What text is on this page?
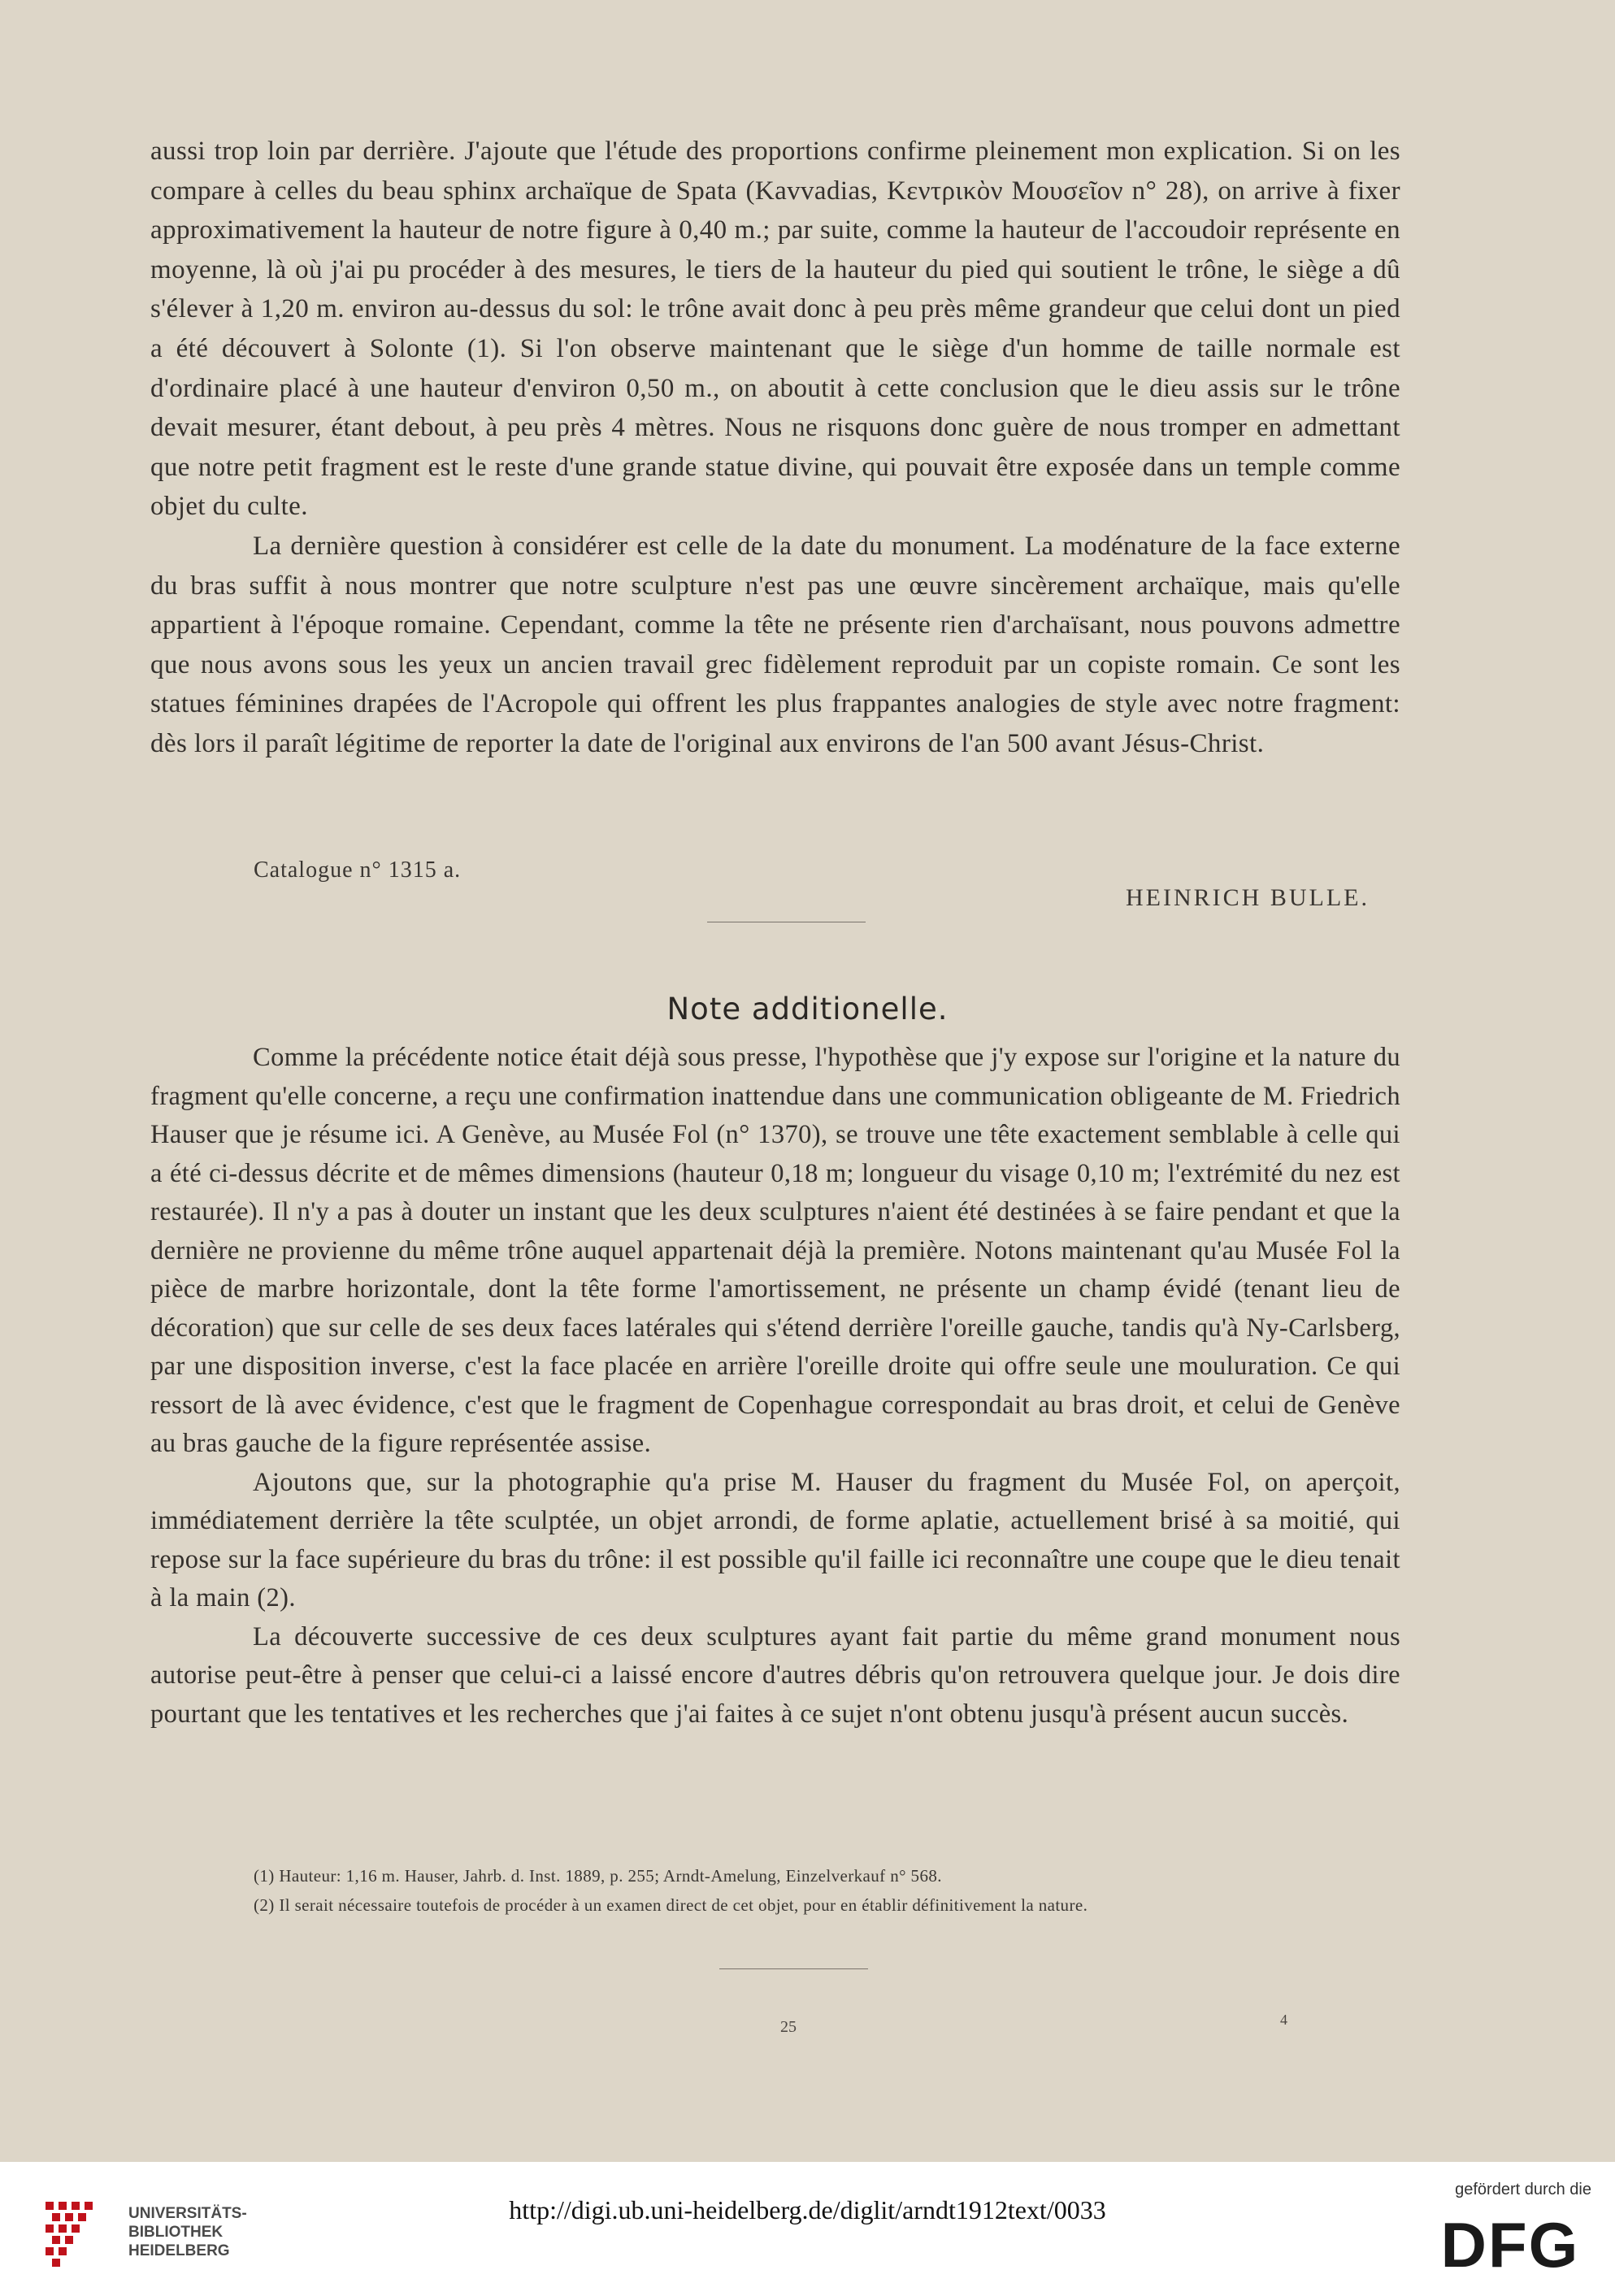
aussi trop loin par derrière. J'ajoute que l'étude des proportions confirme pleinement mon explication. Si on les compare à celles du beau sphinx archaïque de Spata (Kavvadias, Κεντρικὸν Μουσεῖον n° 28), on arrive à fixer approximativement la hauteur de notre figure à 0,40 m.; par suite, comme la hauteur de l'accoudoir représente en moyenne, là où j'ai pu procéder à des mesures, le tiers de la hauteur du pied qui soutient le trône, le siège a dû s'élever à 1,20 m. environ au-dessus du sol: le trône avait donc à peu près même grandeur que celui dont un pied a été découvert à Solonte (1). Si l'on observe maintenant que le siège d'un homme de taille normale est d'ordinaire placé à une hauteur d'environ 0,50 m., on aboutit à cette conclusion que le dieu assis sur le trône devait mesurer, étant debout, à peu près 4 mètres. Nous ne risquons donc guère de nous tromper en admettant que notre petit fragment est le reste d'une grande statue divine, qui pouvait être exposée dans un temple comme objet du culte.

La dernière question à considérer est celle de la date du monument. La modénature de la face externe du bras suffit à nous montrer que notre sculpture n'est pas une œuvre sincèrement archaïque, mais qu'elle appartient à l'époque romaine. Cependant, comme la tête ne présente rien d'archaïsant, nous pouvons admettre que nous avons sous les yeux un ancien travail grec fidèlement reproduit par un copiste romain. Ce sont les statues féminines drapées de l'Acropole qui offrent les plus frappantes analogies de style avec notre fragment: dès lors il paraît légitime de reporter la date de l'original aux environs de l'an 500 avant Jésus-Christ.

Catalogue n° 1315 a.
HEINRICH BULLE.
Note additionelle.

Comme la précédente notice était déjà sous presse, l'hypothèse que j'y expose sur l'origine et la nature du fragment qu'elle concerne, a reçu une confirmation inattendue dans une communication obligeante de M. Friedrich Hauser que je résume ici. A Genève, au Musée Fol (n° 1370), se trouve une tête exactement semblable à celle qui a été ci-dessus décrite et de mêmes dimensions (hauteur 0,18 m; longueur du visage 0,10 m; l'extrémité du nez est restaurée). Il n'y a pas à douter un instant que les deux sculptures n'aient été destinées à se faire pendant et que la dernière ne provienne du même trône auquel appartenait déjà la première. Notons maintenant qu'au Musée Fol la pièce de marbre horizontale, dont la tête forme l'amortissement, ne présente un champ évidé (tenant lieu de décoration) que sur celle de ses deux faces latérales qui s'étend derrière l'oreille gauche, tandis qu'à Ny-Carlsberg, par une disposition inverse, c'est la face placée en arrière l'oreille droite qui offre seule une mouluration. Ce qui ressort de là avec évidence, c'est que le fragment de Copenhague correspondait au bras droit, et celui de Genève au bras gauche de la figure représentée assise.

Ajoutons que, sur la photographie qu'a prise M. Hauser du fragment du Musée Fol, on aperçoit, immédiatement derrière la tête sculptée, un objet arrondi, de forme aplatie, actuellement brisé à sa moitié, qui repose sur la face supérieure du bras du trône: il est possible qu'il faille ici reconnaître une coupe que le dieu tenait à la main (2).

La découverte successive de ces deux sculptures ayant fait partie du même grand monument nous autorise peut-être à penser que celui-ci a laissé encore d'autres débris qu'on retrouvera quelque jour. Je dois dire pourtant que les tentatives et les recherches que j'ai faites à ce sujet n'ont obtenu jusqu'à présent aucun succès.

(1) Hauteur: 1,16 m. Hauser, Jahrb. d. Inst. 1889, p. 255; Arndt-Amelung, Einzelverkauf n° 568.

(2) Il serait nécessaire toutefois de procéder à un examen direct de cet objet, pour en établir définitivement la nature.

25	4
UNIVERSITÄTS-
BIBLIOTHEK
HEIDELBERG
gefördert durch die
DFG
http://digi.ub.uni-heidelberg.de/diglit/arndt1912text/0033
